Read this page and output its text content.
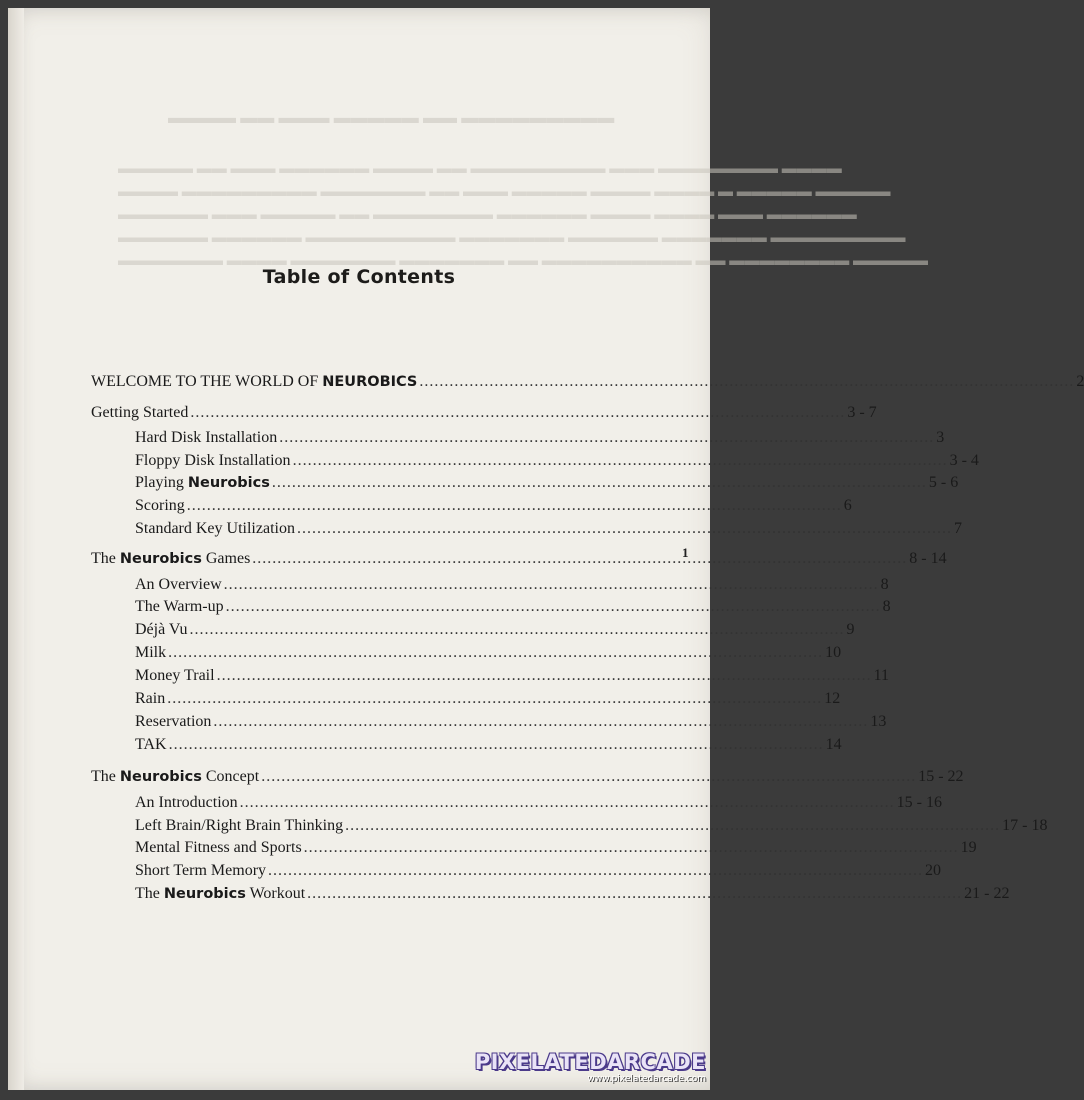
▬▬▬▬ ▬▬ ▬▬▬ ▬▬▬▬▬ ▬▬ ▬▬▬▬▬▬▬▬▬
▬▬▬▬▬ ▬▬ ▬▬▬ ▬▬▬▬▬▬ ▬▬▬▬ ▬▬ ▬▬▬▬▬▬▬▬▬ ▬▬▬ ▬▬▬▬▬▬▬▬ ▬▬▬▬
▬▬▬▬ ▬▬▬▬▬▬▬▬▬ ▬▬▬▬▬▬▬ ▬▬ ▬▬▬ ▬▬▬▬▬ ▬▬▬▬ ▬▬▬▬ ▬ ▬▬▬▬▬ ▬▬▬▬▬
▬▬▬▬▬▬ ▬▬▬ ▬▬▬▬▬ ▬▬ ▬▬▬▬▬▬▬▬ ▬▬▬▬▬▬ ▬▬▬▬ ▬▬▬▬ ▬▬▬ ▬▬▬▬▬▬
▬▬▬▬▬▬ ▬▬▬▬▬▬ ▬▬▬▬▬▬▬▬▬▬ ▬▬▬▬▬▬▬ ▬▬▬▬▬▬ ▬▬▬▬▬▬▬ ▬▬▬▬▬▬▬▬▬
▬▬▬▬▬▬▬ ▬▬▬▬ ▬▬▬▬▬▬▬ ▬▬▬▬▬▬▬ ▬▬ ▬▬▬▬▬▬▬▬▬▬ ▬▬ ▬▬▬▬▬▬▬▬ ▬▬▬▬▬
Table of Contents
WELCOME TO THE WORLD OF NEUROBICS .....	2
Getting Started .....	3 - 7
Hard Disk Installation .....	3
Floppy Disk Installation .....	3 - 4
Playing Neurobics .....	5 - 6
Scoring .....	6
Standard Key Utilization .....	7
The Neurobics Games .....	8 - 14
An Overview .....	8
The Warm-up .....	8
Déjà Vu .....	9
Milk .....	10
Money Trail .....	11
Rain .....	12
Reservation .....	13
TAK .....	14
The Neurobics Concept .....	15 - 22
An Introduction .....	15 - 16
Left Brain/Right Brain Thinking .....	17 - 18
Mental Fitness and Sports .....	19
Short Term Memory .....	20
The Neurobics Workout .....	21 - 22
1
PIXELATEDARCADE
www.pixelatedarcade.com
